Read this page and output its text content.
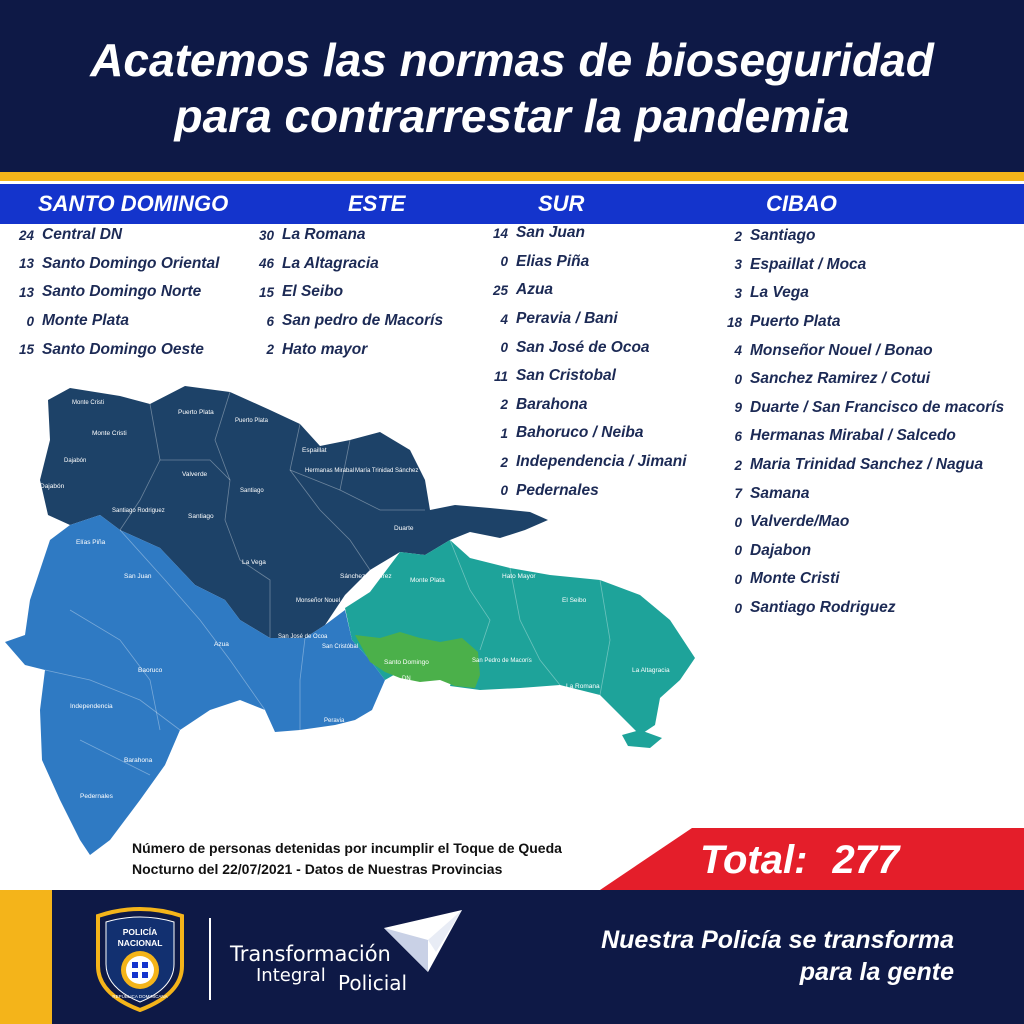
Acatemos las normas de bioseguridad
para contrarrestar la pandemia
SANTO DOMINGO	ESTE	SUR	CIBAO
24 Central DN
13 Santo Domingo Oriental
13 Santo Domingo Norte
0 Monte Plata
15 Santo Domingo Oeste
30 La Romana
46 La Altagracia
15 El Seibo
6 San pedro de Macorís
2 Hato mayor
14 San Juan
0 Elias Piña
25 Azua
4 Peravia / Bani
0 San José de Ocoa
11 San Cristobal
2 Barahona
1 Bahoruco / Neiba
2 Independencia / Jimani
0 Pedernales
2 Santiago
3 Espaillat / Moca
3 La Vega
18 Puerto Plata
4 Monseñor Nouel / Bonao
0 Sanchez Ramirez / Cotui
9 Duarte / San Francisco de macorís
6 Hermanas Mirabal / Salcedo
2 Maria Trinidad Sanchez / Nagua
7 Samana
0 Valverde/Mao
0 Dajabon
0 Monte Cristi
0 Santiago Rodriguez
Monte Cristi
Puerto Plata
Monte Cristi
Puerto Plata
Dajabón
Valverde
Espaillat
Hermanas Mirabal María Trinidad Sánchez
Dajabón
Santiago
Santiago Rodriguez
Santiago
Samaná
Duarte
La Vega
Sánchez Ramírez
Monseñor Nouel
Elías Piña
San Juan
Azua
San José de Ocoa
Baoruco
Independencia
Barahona
Pedernales
San Cristóbal
Peravia
Monte Plata
Hato Mayor
El Seibo
La Altagracia
San Pedro de Macorís
La Romana
Santo Domingo
DN
Número de personas detenidas por incumplir el Toque de Queda
Nocturno del 22/07/2021 - Datos de Nuestras Provincias	Total: 277
POLICÍA
NACIONAL
REPÚBLICA DOMINICANA
Transformación
Integral Policial
Nuestra Policía se transforma
para la gente
